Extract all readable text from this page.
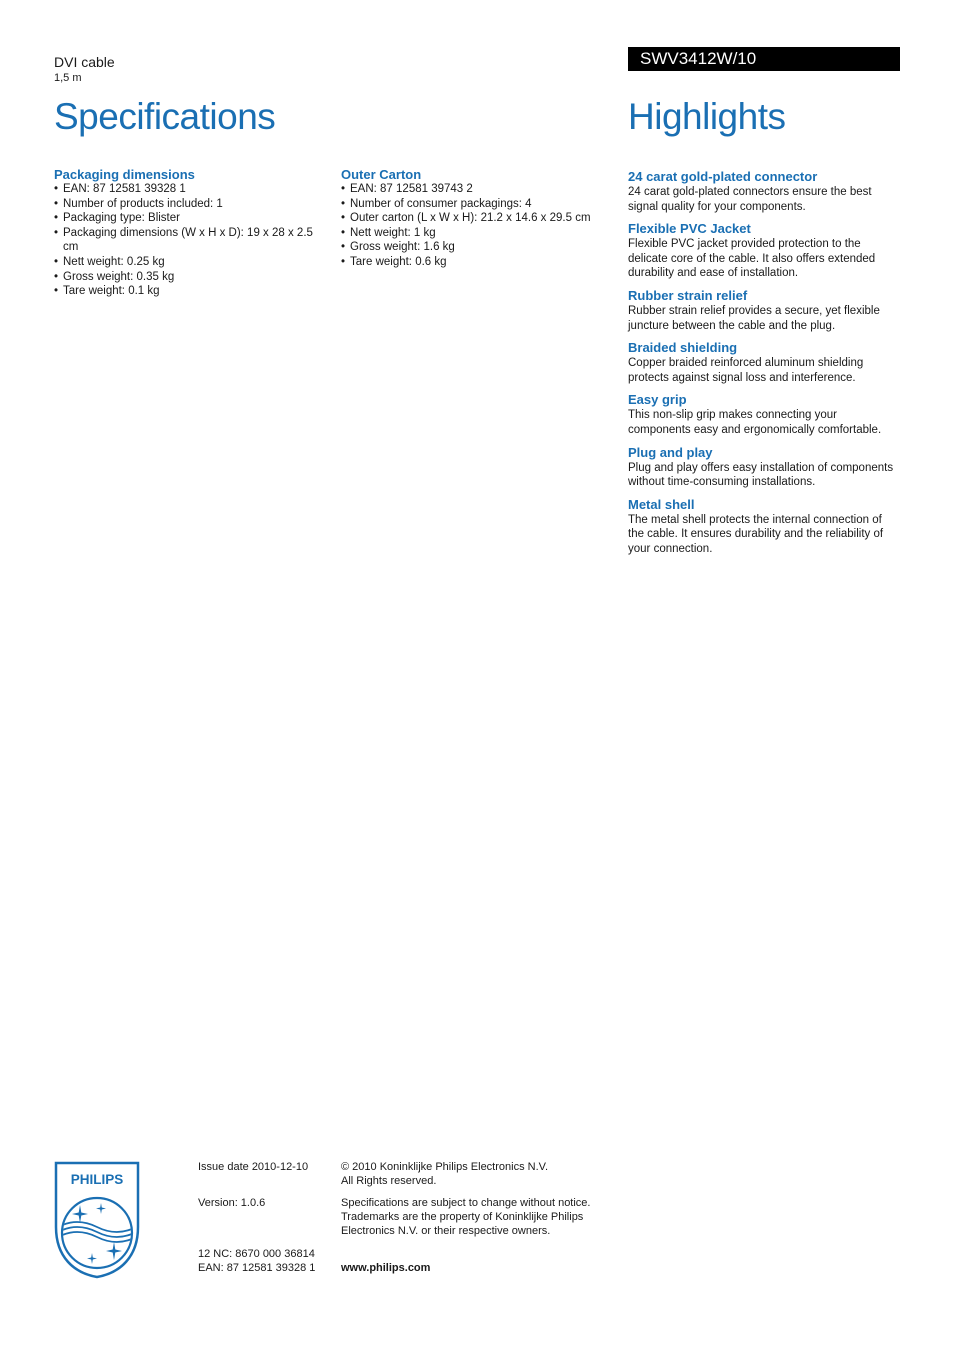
DVI cable
1,5 m
Specifications
SWV3412W/10
Highlights
Packaging dimensions
• EAN: 87 12581 39328 1
• Number of products included: 1
• Packaging type: Blister
• Packaging dimensions (W x H x D): 19 x 28 x 2.5 cm
• Nett weight: 0.25 kg
• Gross weight: 0.35 kg
• Tare weight: 0.1 kg
Outer Carton
• EAN: 87 12581 39743 2
• Number of consumer packagings: 4
• Outer carton (L x W x H): 21.2 x 14.6 x 29.5 cm
• Nett weight: 1 kg
• Gross weight: 1.6 kg
• Tare weight: 0.6 kg
24 carat gold-plated connector

24 carat gold-plated connectors ensure the best signal quality for your components.

Flexible PVC Jacket

Flexible PVC jacket provided protection to the delicate core of the cable. It also offers extended durability and ease of installation.

Rubber strain relief

Rubber strain relief provides a secure, yet flexible juncture between the cable and the plug.

Braided shielding

Copper braided reinforced aluminum shielding protects against signal loss and interference.

Easy grip

This non-slip grip makes connecting your components easy and ergonomically comfortable.

Plug and play

Plug and play offers easy installation of components without time-consuming installations.

Metal shell

The metal shell protects the internal connection of the cable. It ensures durability and the reliability of your connection.

PHILIPS
Issue date 2010-12-10
Version: 1.0.6
12 NC: 8670 000 36814
EAN: 87 12581 39328 1
© 2010 Koninklijke Philips Electronics N.V.
All Rights reserved.
Specifications are subject to change without notice.
Trademarks are the property of Koninklijke Philips
Electronics N.V. or their respective owners.
www.philips.com
